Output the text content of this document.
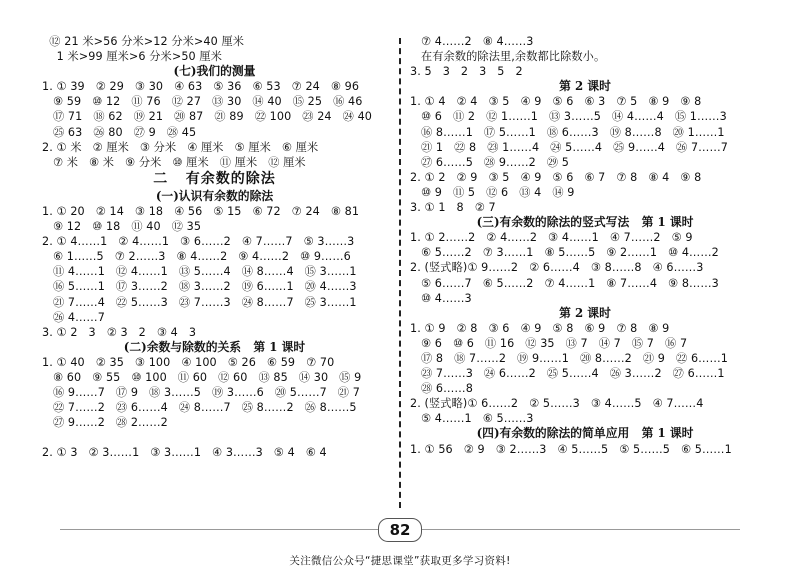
⑫ 21 米>56 分米>12 分米>40 厘米
1 米>99 厘米>6 分米>50 厘米
(七)我们的测量
1. ① 39   ② 29   ③ 30   ④ 63   ⑤ 36   ⑥ 53   ⑦ 24   ⑧ 96
⑨ 59   ⑩ 12   ⑪ 76   ⑫ 27   ⑬ 30   ⑭ 40   ⑮ 25   ⑯ 46
⑰ 71   ⑱ 62   ⑲ 21   ⑳ 87   ㉑ 89   ㉒ 100   ㉓ 24   ㉔ 40
㉕ 63   ㉖ 80   ㉗ 9   ㉘ 45
2. ① 米   ② 厘米   ③ 分米   ④ 厘米   ⑤ 厘米   ⑥ 厘米
⑦ 米   ⑧ 米   ⑨ 分米   ⑩ 厘米   ⑪ 厘米   ⑫ 厘米
二   有余数的除法
(一)认识有余数的除法
1. ① 20   ② 14   ③ 18   ④ 56   ⑤ 15   ⑥ 72   ⑦ 24   ⑧ 81
⑨ 12   ⑩ 18   ⑪ 40   ⑫ 35
2. ① 4……1   ② 4……1   ③ 6……2   ④ 7……7   ⑤ 3……3
⑥ 1……5   ⑦ 2……3   ⑧ 4……2   ⑨ 4……2   ⑩ 9……6
⑪ 4……1   ⑫ 4……1   ⑬ 5……4   ⑭ 8……4   ⑮ 3……1
⑯ 5……1   ⑰ 3……2   ⑱ 3……2   ⑲ 6……1   ⑳ 4……3
㉑ 7……4   ㉒ 5……3   ㉓ 7……3   ㉔ 8……7   ㉕ 3……1
㉖ 4……7
3. ① 2   3   ② 3   2   ③ 4   3
(二)余数与除数的关系   第 1 课时
1. ① 40   ② 35   ③ 100   ④ 100   ⑤ 26   ⑥ 59   ⑦ 70
⑧ 60   ⑨ 55   ⑩ 100   ⑪ 60   ⑫ 60   ⑬ 85   ⑭ 30   ⑮ 9
⑯ 9……7   ⑰ 9   ⑱ 3……5   ⑲ 3……6   ⑳ 5……7   ㉑ 7
㉒ 7……2   ㉓ 6……4   ㉔ 8……7   ㉕ 8……2   ㉖ 8……5
㉗ 9……2   ㉘ 2……2
2. ① 3   ② 3……1   ③ 3……1   ④ 3……3   ⑤ 4   ⑥ 4
⑦ 4……2   ⑧ 4……3
在有余数的除法里,余数都比除数小。
3. 5   3   2   3   5   2
第 2 课时
1. ① 4   ② 4   ③ 5   ④ 9   ⑤ 6   ⑥ 3   ⑦ 5   ⑧ 9   ⑨ 8
⑩ 6   ⑪ 2   ⑫ 1……1   ⑬ 3……5   ⑭ 4……4   ⑮ 1……3
⑯ 8……1   ⑰ 5……1   ⑱ 6……3   ⑲ 8……8   ⑳ 1……1
㉑ 1   ㉒ 8   ㉓ 1……4   ㉔ 5……4   ㉕ 9……4   ㉖ 7……7
㉗ 6……5   ㉘ 9……2   ㉙ 5
2. ① 2   ② 9   ③ 5   ④ 9   ⑤ 6   ⑥ 7   ⑦ 8   ⑧ 4   ⑨ 8
⑩ 9   ⑪ 5   ⑫ 6   ⑬ 4   ⑭ 9
3. ① 1   8   ② 7
(三)有余数的除法的竖式写法   第 1 课时
1. ① 2……2   ② 4……2   ③ 4……1   ④ 7……2   ⑤ 9
⑥ 5……2   ⑦ 3……1   ⑧ 5……5   ⑨ 2……1   ⑩ 4……2
2. (竖式略)① 9……2   ② 6……4   ③ 8……8   ④ 6……3
⑤ 6……7   ⑥ 5……2   ⑦ 4……1   ⑧ 7……4   ⑨ 8……3
⑩ 4……3
第 2 课时
1. ① 9   ② 8   ③ 6   ④ 9   ⑤ 8   ⑥ 9   ⑦ 8   ⑧ 9
⑨ 6   ⑩ 6   ⑪ 16   ⑫ 35   ⑬ 7   ⑭ 7   ⑮ 7   ⑯ 7
⑰ 8   ⑱ 7……2   ⑲ 9……1   ⑳ 8……2   ㉑ 9   ㉒ 6……1
㉓ 7……3   ㉔ 6……2   ㉕ 5……4   ㉖ 3……2   ㉗ 6……1
㉘ 6……8
2. (竖式略)① 6……2   ② 5……3   ③ 4……5   ④ 7……4
⑤ 4……1   ⑥ 5……3
(四)有余数的除法的简单应用   第 1 课时
1. ① 56   ② 9   ③ 2……3   ④ 5……5   ⑤ 5……5   ⑥ 5……1
82
关注微信公众号“捷思课堂”获取更多学习资料!
